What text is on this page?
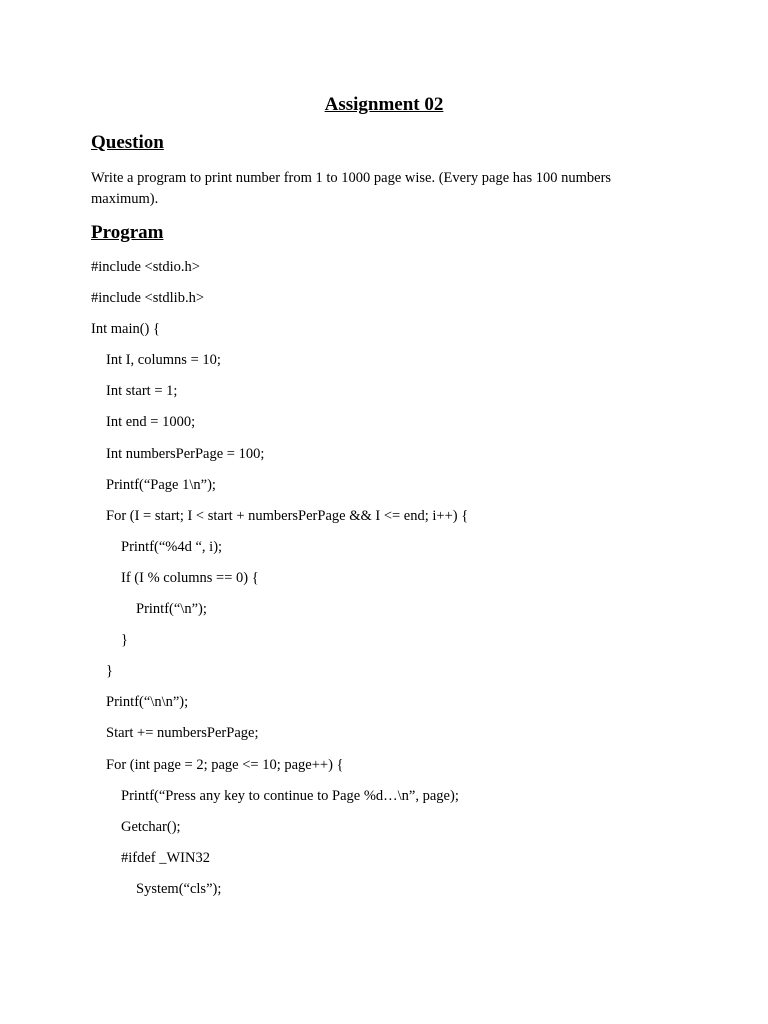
Assignment 02
Question

Write a program to print number from 1 to 1000 page wise. (Every page has 100 numbers maximum).

Program
#include <stdio.h>
#include <stdlib.h>
Int main() {
Int I, columns = 10;
Int start = 1;
Int end = 1000;
Int numbersPerPage = 100;
Printf(“Page 1\n”);
For (I = start; I < start + numbersPerPage && I <= end; i++) {
Printf(“%4d “, i);
If (I % columns == 0) {
Printf(“\n”);
}
}
Printf(“\n\n”);
Start += numbersPerPage;
For (int page = 2; page <= 10; page++) {
Printf(“Press any key to continue to Page %d…\n”, page);
Getchar();
#ifdef _WIN32
System(“cls”);
